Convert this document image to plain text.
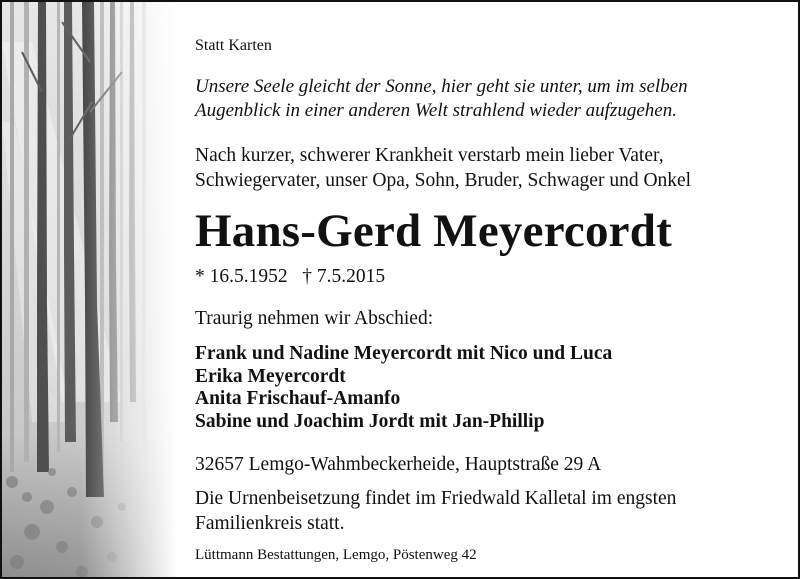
Statt Karten
Unsere Seele gleicht der Sonne, hier geht sie unter, um im selben Augenblick in einer anderen Welt strahlend wieder aufzugehen.
Nach kurzer, schwerer Krankheit verstarb mein lieber Vater, Schwiegervater, unser Opa, Sohn, Bruder, Schwager und Onkel
Hans-Gerd Meyercordt
* 16.5.1952   † 7.5.2015
Traurig nehmen wir Abschied:
Frank und Nadine Meyercordt mit Nico und Luca
Erika Meyercordt
Anita Frischauf-Amanfo
Sabine und Joachim Jordt mit Jan-Phillip
32657 Lemgo-Wahmbeckerheide, Hauptstraße 29 A
Die Urnenbeisetzung findet im Friedwald Kalletal im engsten Familienkreis statt.
Lüttmann Bestattungen, Lemgo, Pöstenweg 42
